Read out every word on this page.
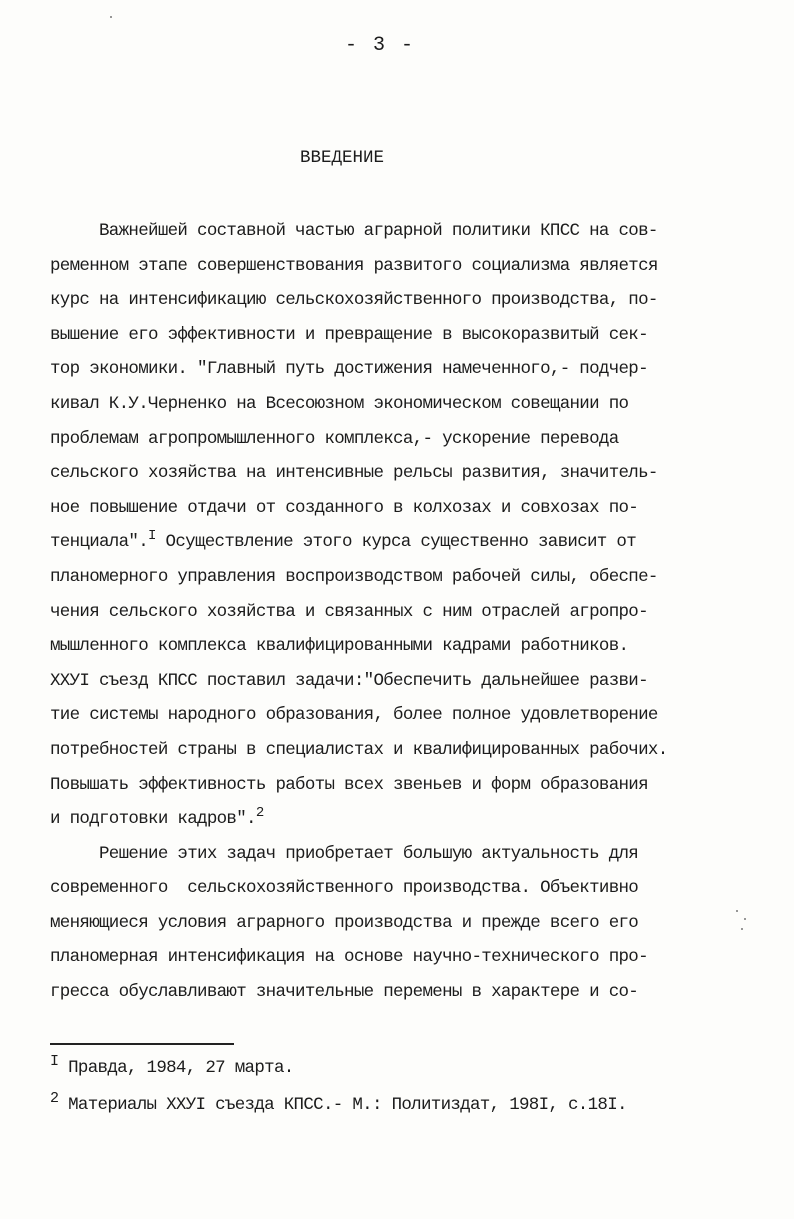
- 3 -
ВВЕДЕНИЕ
Важнейшей составной частью аграрной политики КПСС на сов-
ременном этапе совершенствования развитого социализма является
курс на интенсификацию сельскохозяйственного производства, по-
вышение его эффективности и превращение в высокоразвитый сек-
тор экономики. "Главный путь достижения намеченного,- подчер-
кивал К.У.Черненко на Всесоюзном экономическом совещании по
проблемам агропромышленного комплекса,- ускорение перевода
сельского хозяйства на интенсивные рельсы развития, значитель-
ное повышение отдачи от созданного в колхозах и совхозах по-
тенциала".$^I$ Осуществление этого курса существенно зависит от
планомерного управления воспроизводством рабочей силы, обеспе-
чения сельского хозяйства и связанных с ним отраслей агропро-
мышленного комплекса квалифицированными кадрами работников.
ХХУI съезд КПСС поставил задачи:"Обеспечить дальнейшее разви-
тие системы народного образования, более полное удовлетворение
потребностей страны в специалистах и квалифицированных рабочих.
Повышать эффективность работы всех звеньев и форм образования
и подготовки кадров".$^2$
Решение этих задач приобретает большую актуальность для
современного  сельскохозяйственного производства. Объективно
меняющиеся условия аграрного производства и прежде всего его
планомерная интенсификация на основе научно-технического про-
гресса обуславливают значительные перемены в характере и со-
I Правда, 1984, 27 марта.
2 Материалы ХХУI съезда КПСС.- М.: Политиздат, 198I, с.18I.
